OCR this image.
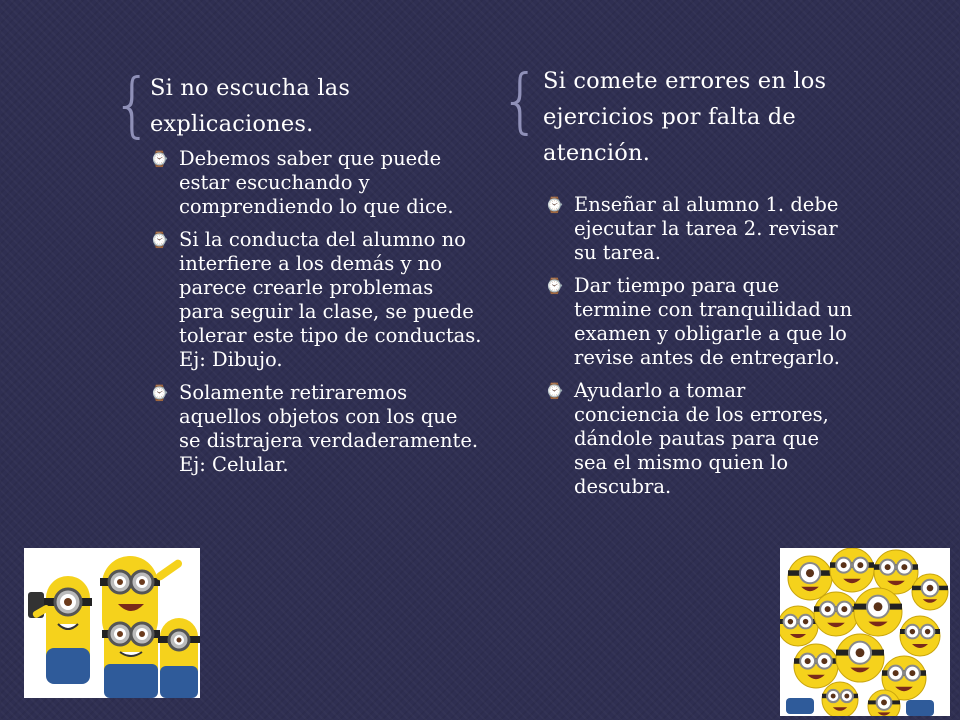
{
Si no escucha las explicaciones.
⌚ Debemos saber que puede estar escuchando y comprendiendo lo que dice.
⌚ Si la conducta del alumno no interfiere a los demás y no parece crearle problemas para seguir la clase, se puede tolerar este tipo de conductas. Ej: Dibujo.
⌚ Solamente retiraremos aquellos objetos con los que se distrajera verdaderamente. Ej: Celular.
{ Si comete errores en los ejercicios por falta de atención.
⌚ Enseñar al alumno 1. debe ejecutar la tarea 2. revisar su tarea.
⌚ Dar tiempo para que termine con tranquilidad un examen y obligarle a que lo revise antes de entregarlo.
⌚ Ayudarlo a tomar conciencia de los errores, dándole pautas para que sea el mismo quien lo descubra.
